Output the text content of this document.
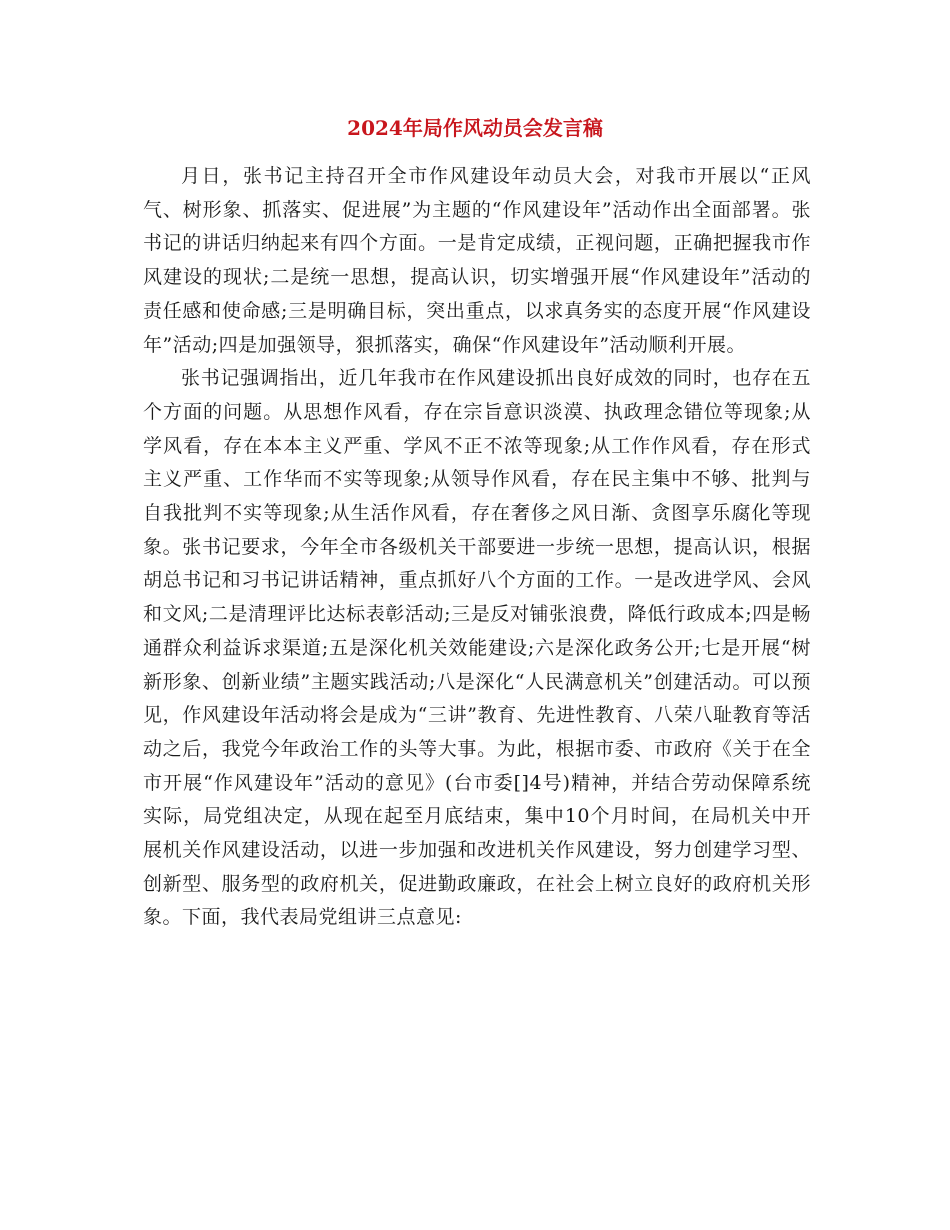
2024年局作风动员会发言稿

月日，张书记主持召开全市作风建设年动员大会，对我市开展以“正风气、树形象、抓落实、促进展”为主题的“作风建设年”活动作出全面部署。张书记的讲话归纳起来有四个方面。一是肯定成绩，正视问题，正确把握我市作风建设的现状;二是统一思想，提高认识，切实增强开展“作风建设年”活动的责任感和使命感;三是明确目标，突出重点，以求真务实的态度开展“作风建设年”活动;四是加强领导，狠抓落实，确保“作风建设年”活动顺利开展。

张书记强调指出，近几年我市在作风建设抓出良好成效的同时，也存在五个方面的问题。从思想作风看，存在宗旨意识淡漠、执政理念错位等现象;从学风看，存在本本主义严重、学风不正不浓等现象;从工作作风看，存在形式主义严重、工作华而不实等现象;从领导作风看，存在民主集中不够、批判与自我批判不实等现象;从生活作风看，存在奢侈之风日渐、贪图享乐腐化等现象。张书记要求，今年全市各级机关干部要进一步统一思想，提高认识，根据胡总书记和习书记讲话精神，重点抓好八个方面的工作。一是改进学风、会风和文风;二是清理评比达标表彰活动;三是反对铺张浪费，降低行政成本;四是畅通群众利益诉求渠道;五是深化机关效能建设;六是深化政务公开;七是开展“树新形象、创新业绩”主题实践活动;八是深化“人民满意机关”创建活动。可以预见，作风建设年活动将会是成为“三讲”教育、先进性教育、八荣八耻教育等活动之后，我党今年政治工作的头等大事。为此，根据市委、市政府《关于在全市开展“作风建设年”活动的意见》(台市委[]4号)精神，并结合劳动保障系统实际，局党组决定，从现在起至月底结束，集中10个月时间，在局机关中开展机关作风建设活动，以进一步加强和改进机关作风建设，努力创建学习型、创新型、服务型的政府机关，促进勤政廉政，在社会上树立良好的政府机关形象。下面，我代表局党组讲三点意见:
